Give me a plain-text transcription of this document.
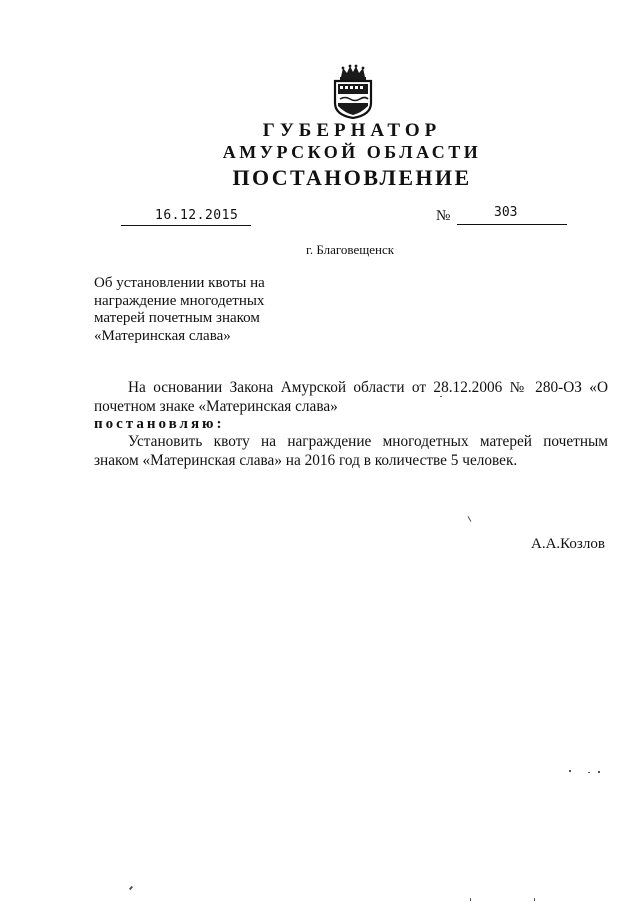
ГУБЕРНАТОР
АМУРСКОЙ ОБЛАСТИ
ПОСТАНОВЛЕНИЕ
16.12.2015	№	303
г. Благовещенск
Об установлении квоты на
награждение многодетных
матерей почетным знаком
«Материнская слава»
На основании Закона Амурской области от 28.12.2006 № 280-ОЗ «О
почетном знаке «Материнская слава»
постановляю:
Установить квоту на награждение многодетных матерей почетным
знаком «Материнская слава» на 2016 год в количестве 5 человек.
А.А.Козлов
